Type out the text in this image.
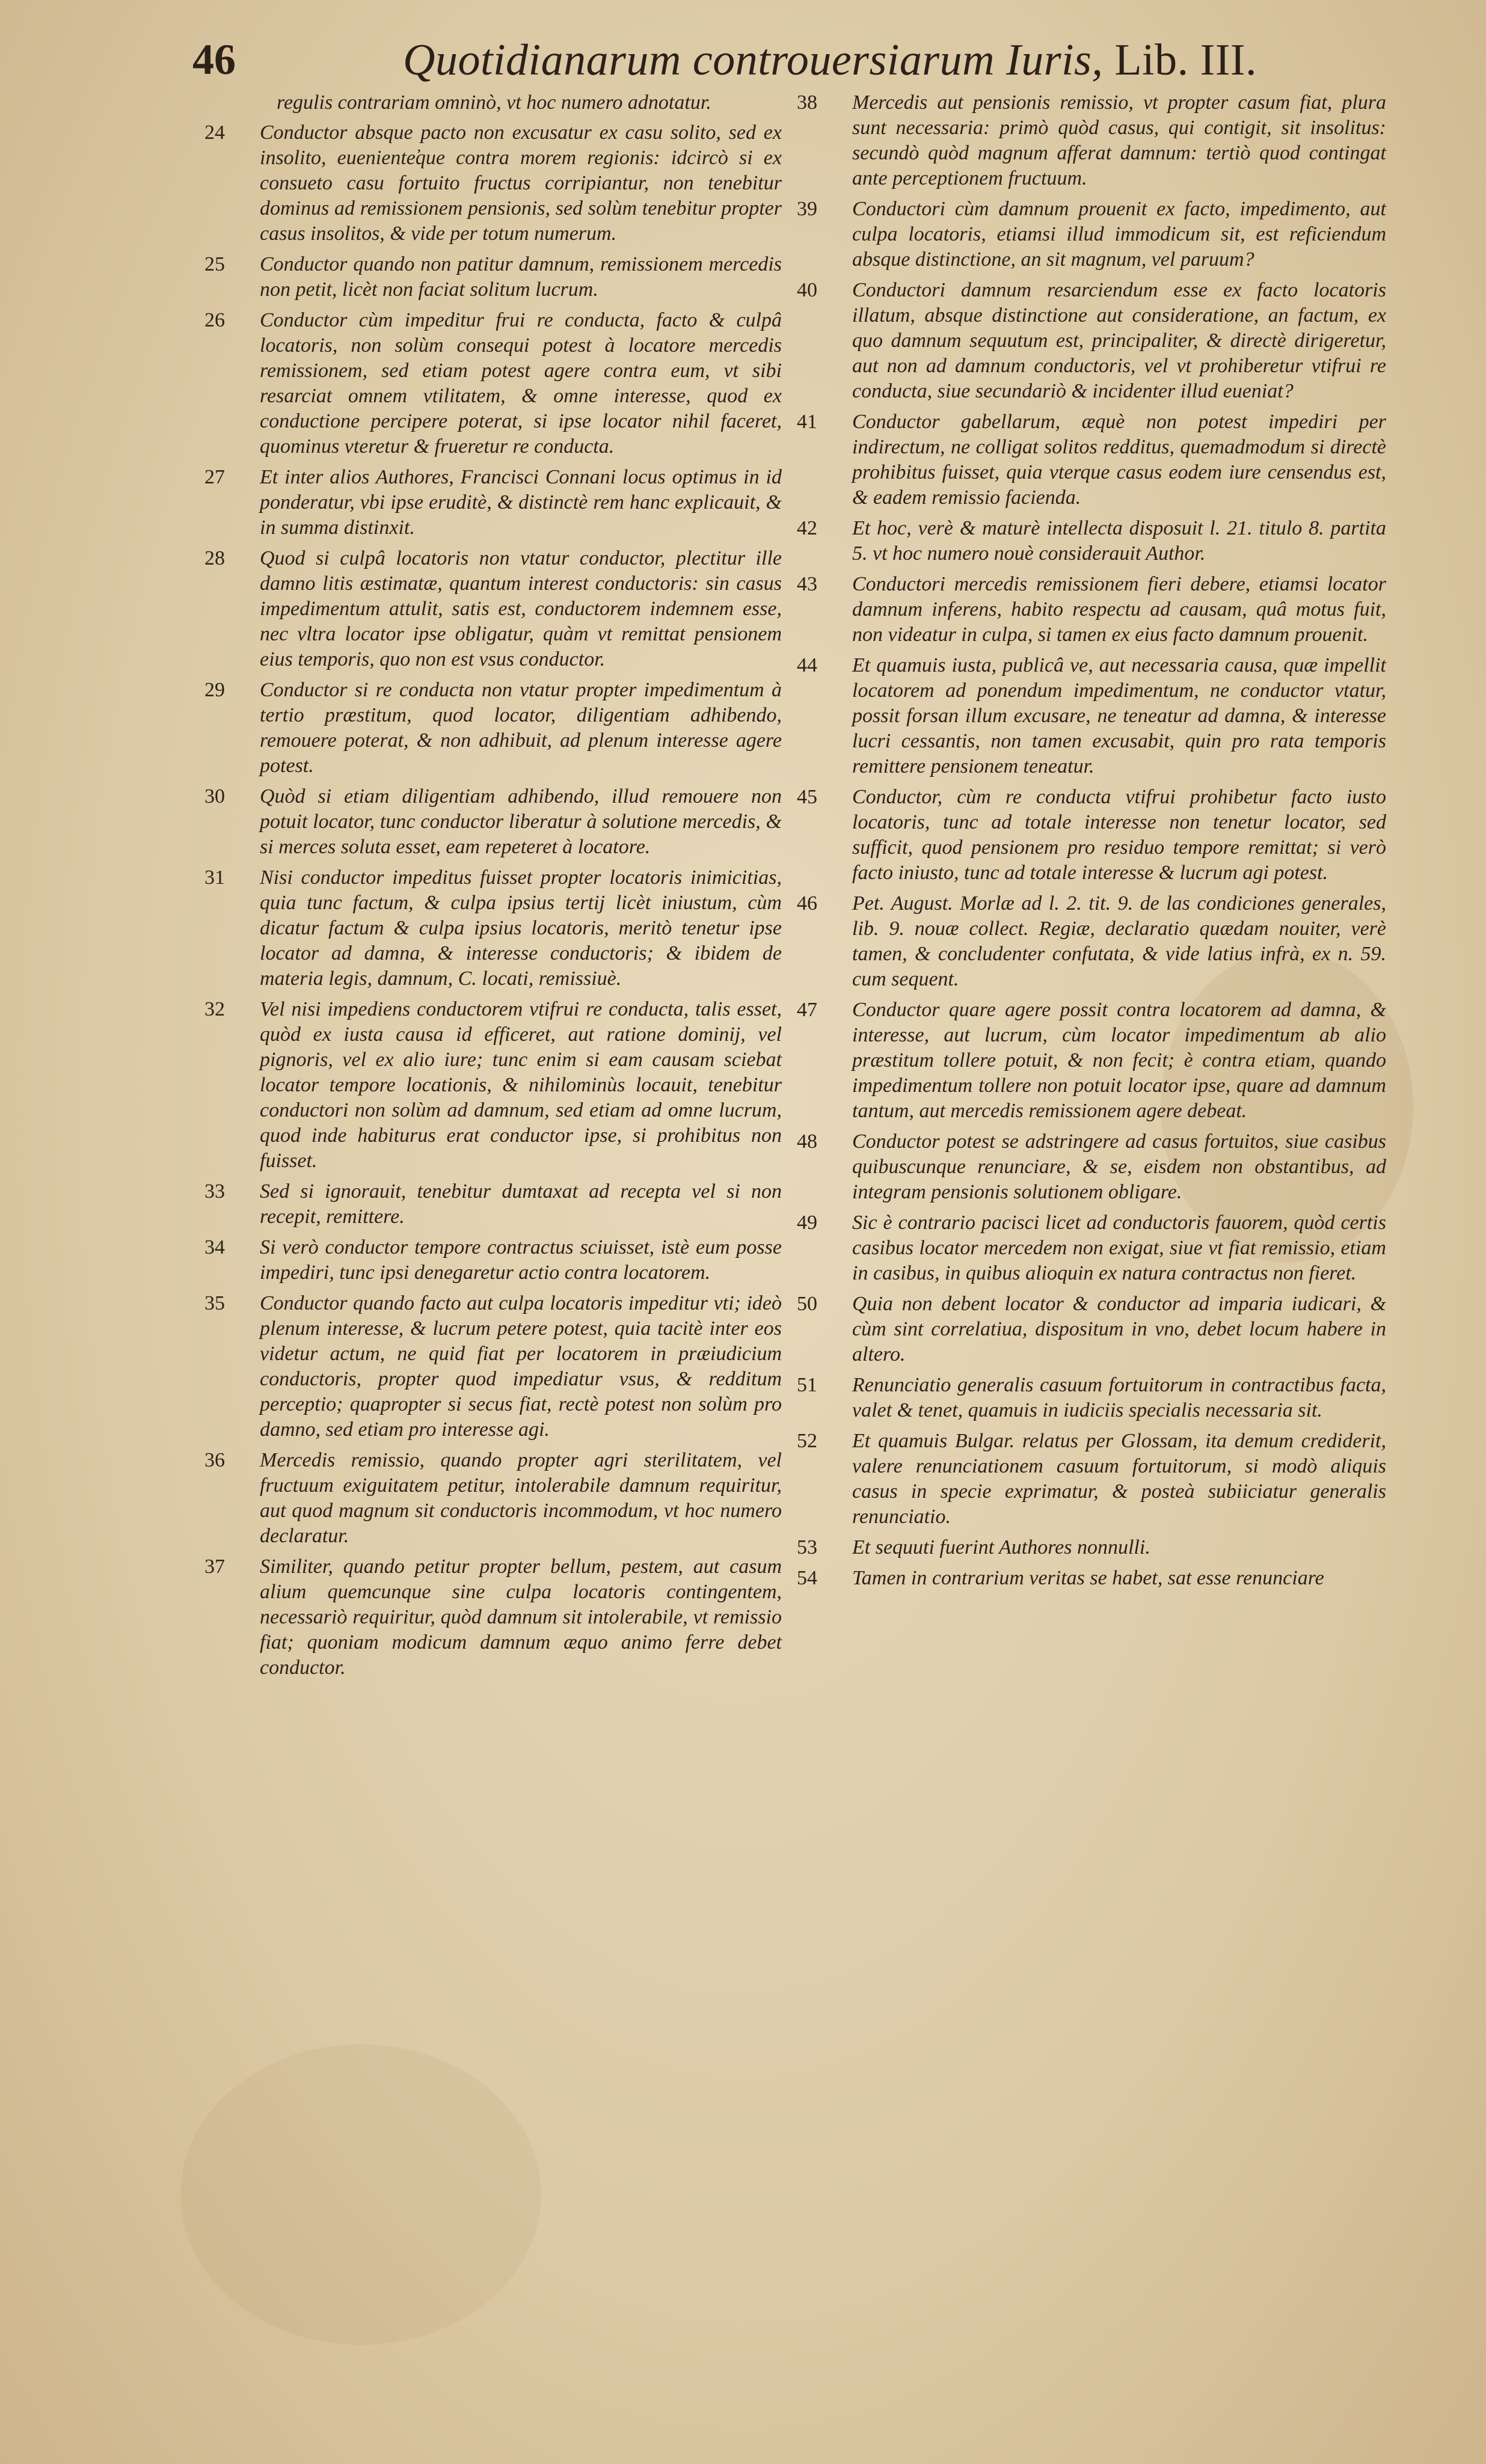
46	Quotidianarum controuersiarum Iuris, Lib. III.

regulis contrariam omninò, vt hoc numero adnotatur.

24	Conductor absque pacto non excusatur ex casu solito, sed ex insolito, eueniente̕que contra morem regionis: idcircò si ex consueto casu fortuito fructus corripiantur, non tenebitur dominus ad remissionem pensionis, sed solùm tenebitur propter casus insolitos, & vide per totum numerum.
25	Conductor quando non patitur damnum, remissionem mercedis non petit, licèt non faciat solitum lucrum.
26	Conductor cùm impeditur frui re conducta, facto & culpâ locatoris, non solùm consequi potest à locatore mercedis remissionem, sed etiam potest agere contra eum, vt sibi resarciat omnem vtilitatem, & omne interesse, quod ex conductione percipere poterat, si ipse locator nihil faceret, quominus vteretur & frueretur re conducta.
27	Et inter alios Authores, Francisci Connani locus optimus in id ponderatur, vbi ipse eruditè, & distinctè rem hanc explicauit, & in summa distinxit.
28	Quod si culpâ locatoris non vtatur conductor, plectitur ille damno litis æstimatæ, quantum interest conductoris: sin casus impedimentum attulit, satis est, conductorem indemnem esse, nec vltra locator ipse obligatur, quàm vt remittat pensionem eius temporis, quo non est vsus conductor.
29	Conductor si re conducta non vtatur propter impedimentum à tertio præstitum, quod locator, diligentiam adhibendo, remouere poterat, & non adhibuit, ad plenum interesse agere potest.
30	Quòd si etiam diligentiam adhibendo, illud remouere non potuit locator, tunc conductor liberatur à solutione mercedis, & si merces soluta esset, eam repeteret à locatore.
31	Nisi conductor impeditus fuisset propter locatoris inimicitias, quia tunc factum, & culpa ipsius tertij licèt iniustum, cùm dicatur factum & culpa ipsius locatoris, meritò tenetur ipse locator ad damna, & interesse conductoris; & ibidem de materia legis, damnum, C. locati, remissiuè.
32	Vel nisi impediens conductorem vtifrui re conducta, talis esset, quòd ex iusta causa id efficeret, aut ratione dominij, vel pignoris, vel ex alio iure; tunc enim si eam causam sciebat locator tempore locationis, & nihilominùs locauit, tenebitur conductori non solùm ad damnum, sed etiam ad omne lucrum, quod inde habiturus erat conductor ipse, si prohibitus non fuisset.
33	Sed si ignorauit, tenebitur dumtaxat ad recepta vel si non recepit, remittere.
34	Si verò conductor tempore contractus sciuisset, istè eum posse impediri, tunc ipsi denegaretur actio contra locatorem.
35	Conductor quando facto aut culpa locatoris impeditur vti; ideò plenum interesse, & lucrum petere potest, quia tacitè inter eos videtur actum, ne quid fiat per locatorem in præiudicium conductoris, propter quod impediatur vsus, & redditum perceptio; quapropter si secus fiat, rectè potest non solùm pro damno, sed etiam pro interesse agi.
36	Mercedis remissio, quando propter agri sterilitatem, vel fructuum exiguitatem petitur, intolerabile damnum requiritur, aut quod magnum sit conductoris incommodum, vt hoc numero declaratur.
37	Similiter, quando petitur propter bellum, pestem, aut casum alium quemcunque sine culpa locatoris contingentem, necessariò requiritur, quòd damnum sit intolerabile, vt remissio fiat; quoniam modicum damnum æquo animo ferre debet conductor.
38	Mercedis aut pensionis remissio, vt propter casum fiat, plura sunt necessaria: primò quòd casus, qui contigit, sit insolitus: secundò quòd magnum afferat damnum: tertiò quod contingat ante perceptionem fructuum.
39	Conductori cùm damnum prouenit ex facto, impedimento, aut culpa locatoris, etiamsi illud immodicum sit, est reficiendum absque distinctione, an sit magnum, vel paruum?
40	Conductori damnum resarciendum esse ex facto locatoris illatum, absque distinctione aut consideratione, an factum, ex quo damnum sequutum est, principaliter, & directè dirigeretur, aut non ad damnum conductoris, vel vt prohiberetur vtifrui re conducta, siue secundariò & incidenter illud eueniat?
41	Conductor gabellarum, æquè non potest impediri per indirectum, ne colligat solitos redditus, quemadmodum si directè prohibitus fuisset, quia vterque casus eodem iure censendus est, & eadem remissio facienda.
42	Et hoc, verè & maturè intellecta disposuit l. 21. titulo 8. partita 5. vt hoc numero nouè considerauit Author.
43	Conductori mercedis remissionem fieri debere, etiamsi locator damnum inferens, habito respectu ad causam, quâ motus fuit, non videatur in culpa, si tamen ex eius facto damnum prouenit.
44	Et quamuis iusta, publicâ ve, aut necessaria causa, quæ impellit locatorem ad ponendum impedimentum, ne conductor vtatur, possit forsan illum excusare, ne teneatur ad damna, & interesse lucri cessantis, non tamen excusabit, quin pro rata temporis remittere pensionem teneatur.
45	Conductor, cùm re conducta vtifrui prohibetur facto iusto locatoris, tunc ad totale interesse non tenetur locator, sed sufficit, quod pensionem pro residuo tempore remittat; si verò facto iniusto, tunc ad totale interesse & lucrum agi potest.
46	Pet. August. Morlæ ad l. 2. tit. 9. de las condiciones generales, lib. 9. nouæ collect. Regiæ, declaratio quædam nouiter, verè tamen, & concludenter confutata, & vide latius infrà, ex n. 59. cum sequent.
47	Conductor quare agere possit contra locatorem ad damna, & interesse, aut lucrum, cùm locator impedimentum ab alio præstitum tollere potuit, & non fecit; è contra etiam, quando impedimentum tollere non potuit locator ipse, quare ad damnum tantum, aut mercedis remissionem agere debeat.
48	Conductor potest se adstringere ad casus fortuitos, siue casibus quibuscunque renunciare, & se, eisdem non obstantibus, ad integram pensionis solutionem obligare.
49	Sic è contrario pacisci licet ad conductoris fauorem, quòd certis casibus locator mercedem non exigat, siue vt fiat remissio, etiam in casibus, in quibus alioquin ex natura contractus non fieret.
50	Quia non debent locator & conductor ad imparia iudicari, & cùm sint correlatiua, dispositum in vno, debet locum habere in altero.
51	Renunciatio generalis casuum fortuitorum in contractibus facta, valet & tenet, quamuis in iudiciis specialis necessaria sit.
52	Et quamuis Bulgar. relatus per Glossam, ita demum crediderit, valere renunciationem casuum fortuitorum, si modò aliquis casus in specie exprimatur, & posteà subiiciatur generalis renunciatio.
53	Et sequuti fuerint Authores nonnulli.
54	Tamen in contrarium veritas se habet, sat esse renunciare
